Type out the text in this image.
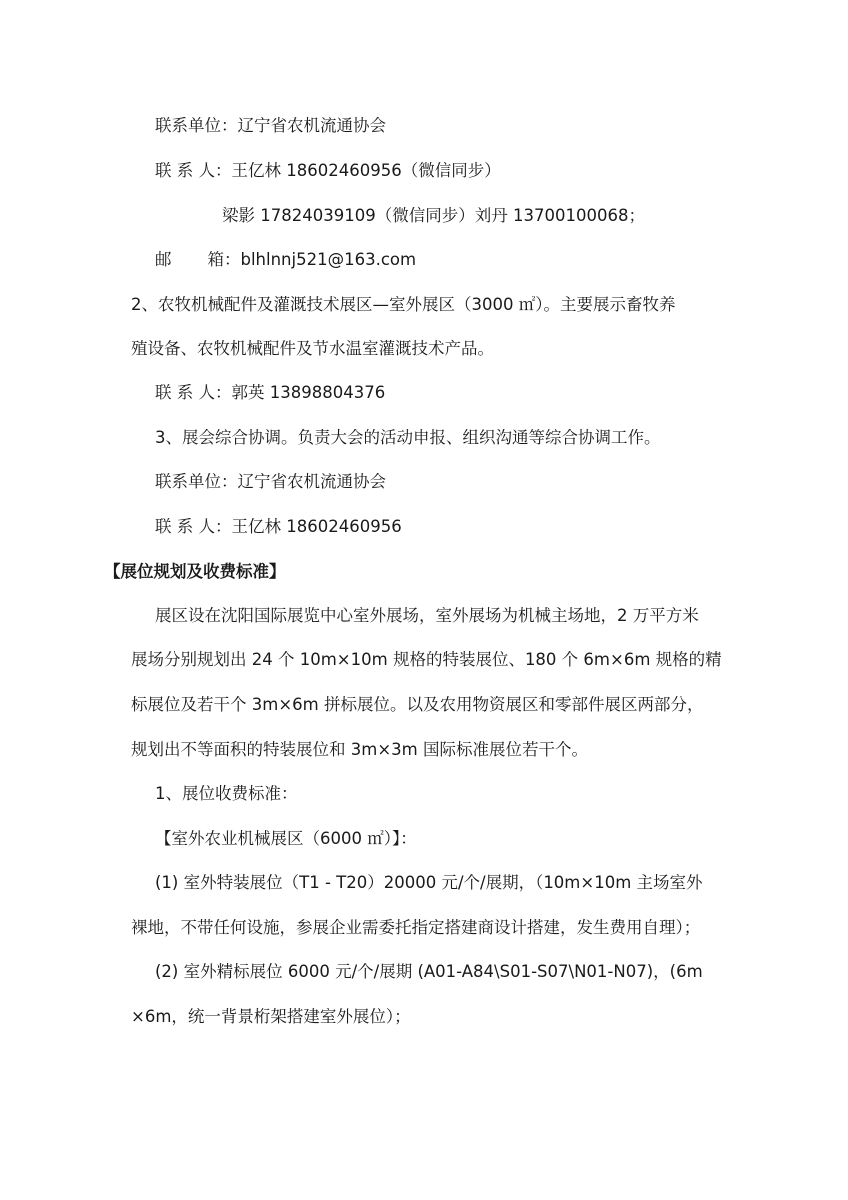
联系单位：辽宁省农机流通协会
联 系 人：王亿林 18602460956（微信同步）
梁影 17824039109（微信同步）刘丹 13700100068；
邮 箱：blhlnnj521@163.com
2、农牧机械配件及灌溉技术展区—室外展区（3000 ㎡）。主要展示畜牧养
殖设备、农牧机械配件及节水温室灌溉技术产品。
联 系 人：郭英 13898804376
3、展会综合协调。负责大会的活动申报、组织沟通等综合协调工作。
联系单位：辽宁省农机流通协会
联 系 人：王亿林 18602460956
【展位规划及收费标准】
展区设在沈阳国际展览中心室外展场，室外展场为机械主场地，2 万平方米
展场分别规划出 24 个 10m×10m 规格的特装展位、180 个 6m×6m 规格的精
标展位及若干个 3m×6m 拼标展位。以及农用物资展区和零部件展区两部分，
规划出不等面积的特装展位和 3m×3m 国际标准展位若干个。
1、展位收费标准：
【室外农业机械展区（6000 ㎡）】：
(1) 室外特装展位（T1 - T20）20000 元/个/展期，（10m×10m 主场室外
裸地，不带任何设施，参展企业需委托指定搭建商设计搭建，发生费用自理）；
(2) 室外精标展位 6000 元/个/展期 (A01-A84\S01-S07\N01-N07)，(6m
×6m，统一背景桁架搭建室外展位）；
